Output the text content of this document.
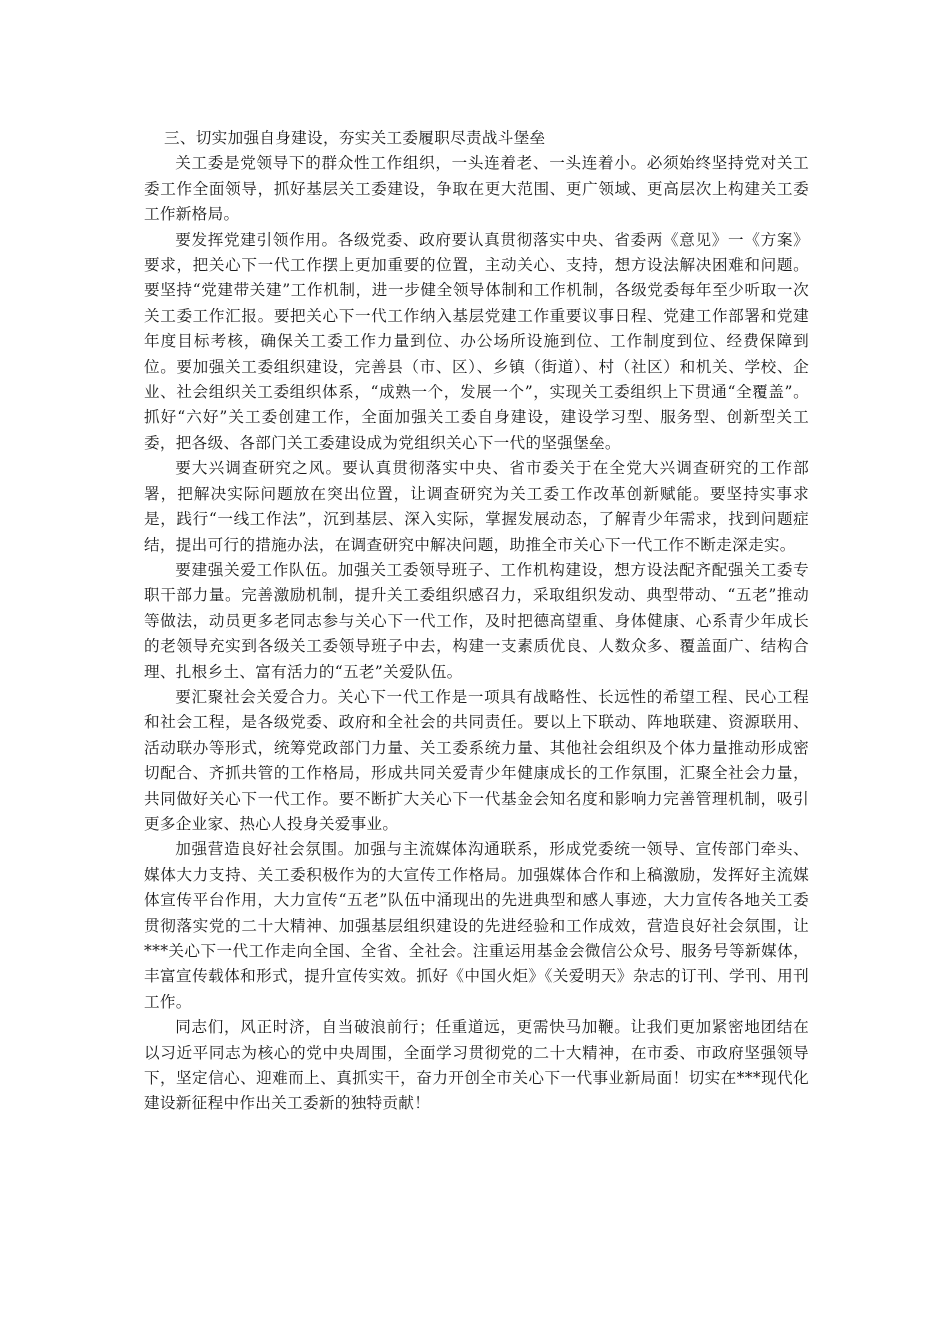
三、切实加强自身建设，夯实关工委履职尽责战斗堡垒

关工委是党领导下的群众性工作组织，一头连着老、一头连着小。必须始终坚持党对关工委工作全面领导，抓好基层关工委建设，争取在更大范围、更广领域、更高层次上构建关工委工作新格局。

要发挥党建引领作用。各级党委、政府要认真贯彻落实中央、省委两《意见》一《方案》要求，把关心下一代工作摆上更加重要的位置，主动关心、支持，想方设法解决困难和问题。要坚持“党建带关建”工作机制，进一步健全领导体制和工作机制，各级党委每年至少听取一次关工委工作汇报。要把关心下一代工作纳入基层党建工作重要议事日程、党建工作部署和党建年度目标考核，确保关工委工作力量到位、办公场所设施到位、工作制度到位、经费保障到位。要加强关工委组织建设，完善县（市、区）、乡镇（街道）、村（社区）和机关、学校、企业、社会组织关工委组织体系，“成熟一个，发展一个”，实现关工委组织上下贯通“全覆盖”。抓好“六好”关工委创建工作，全面加强关工委自身建设，建设学习型、服务型、创新型关工委，把各级、各部门关工委建设成为党组织关心下一代的坚强堡垒。

要大兴调查研究之风。要认真贯彻落实中央、省市委关于在全党大兴调查研究的工作部署，把解决实际问题放在突出位置，让调查研究为关工委工作改革创新赋能。要坚持实事求是，践行“一线工作法”，沉到基层、深入实际，掌握发展动态，了解青少年需求，找到问题症结，提出可行的措施办法，在调查研究中解决问题，助推全市关心下一代工作不断走深走实。

要建强关爱工作队伍。加强关工委领导班子、工作机构建设，想方设法配齐配强关工委专职干部力量。完善激励机制，提升关工委组织感召力，采取组织发动、典型带动、“五老”推动等做法，动员更多老同志参与关心下一代工作，及时把德高望重、身体健康、心系青少年成长的老领导充实到各级关工委领导班子中去，构建一支素质优良、人数众多、覆盖面广、结构合理、扎根乡土、富有活力的“五老”关爱队伍。

要汇聚社会关爱合力。关心下一代工作是一项具有战略性、长远性的希望工程、民心工程和社会工程，是各级党委、政府和全社会的共同责任。要以上下联动、阵地联建、资源联用、活动联办等形式，统筹党政部门力量、关工委系统力量、其他社会组织及个体力量推动形成密切配合、齐抓共管的工作格局，形成共同关爱青少年健康成长的工作氛围，汇聚全社会力量，共同做好关心下一代工作。要不断扩大关心下一代基金会知名度和影响力完善管理机制，吸引更多企业家、热心人投身关爱事业。

加强营造良好社会氛围。加强与主流媒体沟通联系，形成党委统一领导、宣传部门牵头、媒体大力支持、关工委积极作为的大宣传工作格局。加强媒体合作和上稿激励，发挥好主流媒体宣传平台作用，大力宣传“五老”队伍中涌现出的先进典型和感人事迹，大力宣传各地关工委贯彻落实党的二十大精神、加强基层组织建设的先进经验和工作成效，营造良好社会氛围，让***关心下一代工作走向全国、全省、全社会。注重运用基金会微信公众号、服务号等新媒体，丰富宣传载体和形式，提升宣传实效。抓好《中国火炬》《关爱明天》杂志的订刊、学刊、用刊工作。

同志们，风正时济，自当破浪前行；任重道远，更需快马加鞭。让我们更加紧密地团结在以习近平同志为核心的党中央周围，全面学习贯彻党的二十大精神，在市委、市政府坚强领导下，坚定信心、迎难而上、真抓实干，奋力开创全市关心下一代事业新局面！切实在***现代化建设新征程中作出关工委新的独特贡献！
